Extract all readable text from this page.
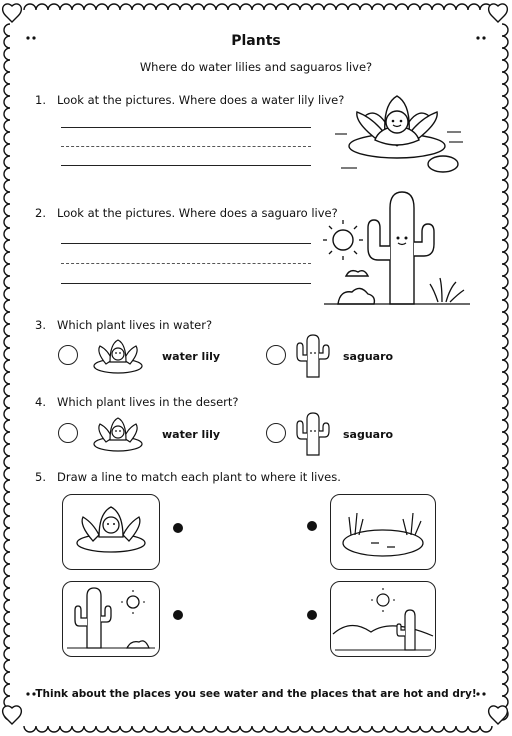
Plants
Where do water lilies and saguaros live?
1. Look at the pictures. Where does a water lily live?
2. Look at the pictures. Where does a saguaro live?
3. Which plant lives in water?
water lily	saguaro
4. Which plant lives in the desert?
water lily	saguaro
5. Draw a line to match each plant to where it lives.
Think about the places you see water and the places that are hot and dry!
